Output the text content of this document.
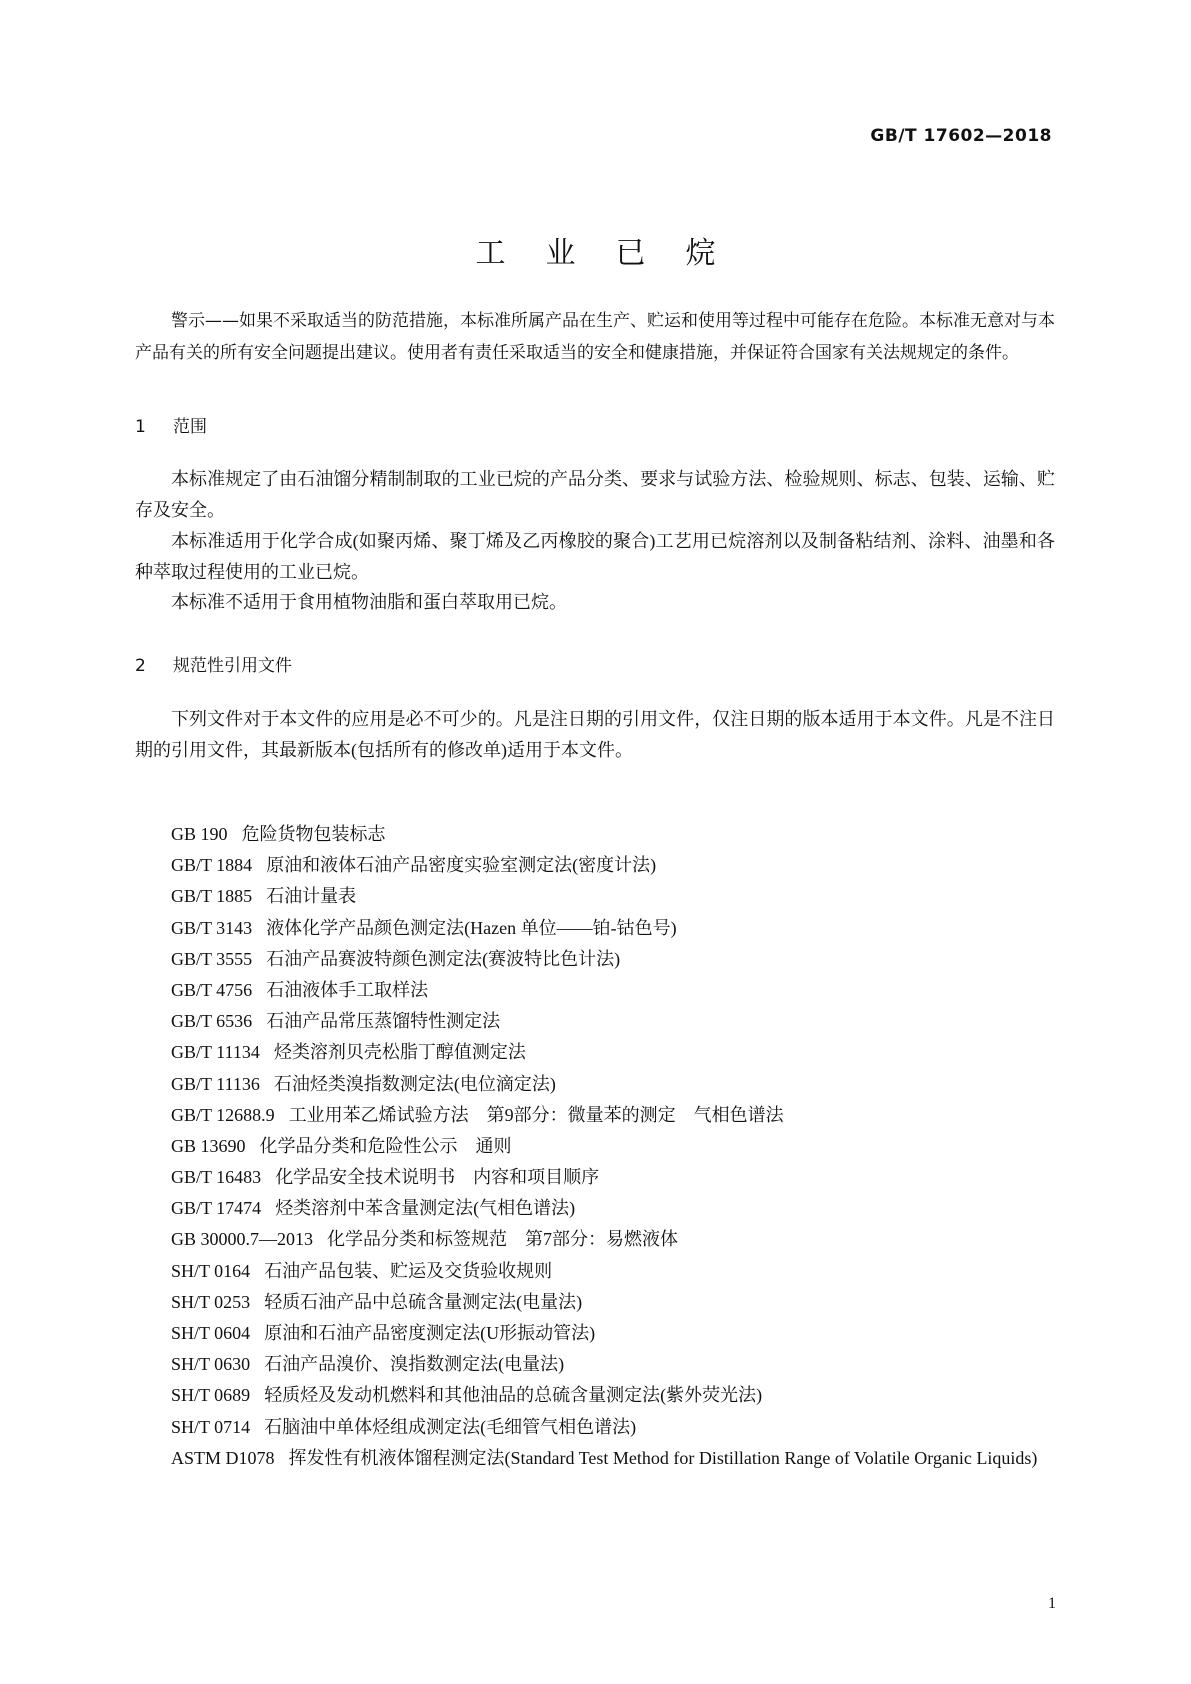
GB/T 17602—2018
工业已烷
警示——如果不采取适当的防范措施，本标准所属产品在生产、贮运和使用等过程中可能存在危险。本标准无意对与本产品有关的所有安全问题提出建议。使用者有责任采取适当的安全和健康措施，并保证符合国家有关法规规定的条件。
1 范围
本标准规定了由石油馏分精制制取的工业已烷的产品分类、要求与试验方法、检验规则、标志、包装、运输、贮存及安全。
本标准适用于化学合成(如聚丙烯、聚丁烯及乙丙橡胶的聚合)工艺用已烷溶剂以及制备粘结剂、涂料、油墨和各种萃取过程使用的工业已烷。
本标准不适用于食用植物油脂和蛋白萃取用已烷。
2 规范性引用文件
下列文件对于本文件的应用是必不可少的。凡是注日期的引用文件，仅注日期的版本适用于本文件。凡是不注日期的引用文件，其最新版本(包括所有的修改单)适用于本文件。
GB 190 危险货物包装标志
GB/T 1884 原油和液体石油产品密度实验室测定法(密度计法)
GB/T 1885 石油计量表
GB/T 3143 液体化学产品颜色测定法(Hazen 单位——铂-钴色号)
GB/T 3555 石油产品赛波特颜色测定法(赛波特比色计法)
GB/T 4756 石油液体手工取样法
GB/T 6536 石油产品常压蒸馏特性测定法
GB/T 11134 烃类溶剂贝壳松脂丁醇值测定法
GB/T 11136 石油烃类溴指数测定法(电位滴定法)
GB/T 12688.9 工业用苯乙烯试验方法　第9部分：微量苯的测定　气相色谱法
GB 13690 化学品分类和危险性公示　通则
GB/T 16483 化学品安全技术说明书　内容和项目顺序
GB/T 17474 烃类溶剂中苯含量测定法(气相色谱法)
GB 30000.7—2013 化学品分类和标签规范　第7部分：易燃液体
SH/T 0164 石油产品包装、贮运及交货验收规则
SH/T 0253 轻质石油产品中总硫含量测定法(电量法)
SH/T 0604 原油和石油产品密度测定法(U形振动管法)
SH/T 0630 石油产品溴价、溴指数测定法(电量法)
SH/T 0689 轻质烃及发动机燃料和其他油品的总硫含量测定法(紫外荧光法)
SH/T 0714 石脑油中单体烃组成测定法(毛细管气相色谱法)
ASTM D1078 挥发性有机液体馏程测定法(Standard Test Method for Distillation Range of Volatile Organic Liquids)
1
